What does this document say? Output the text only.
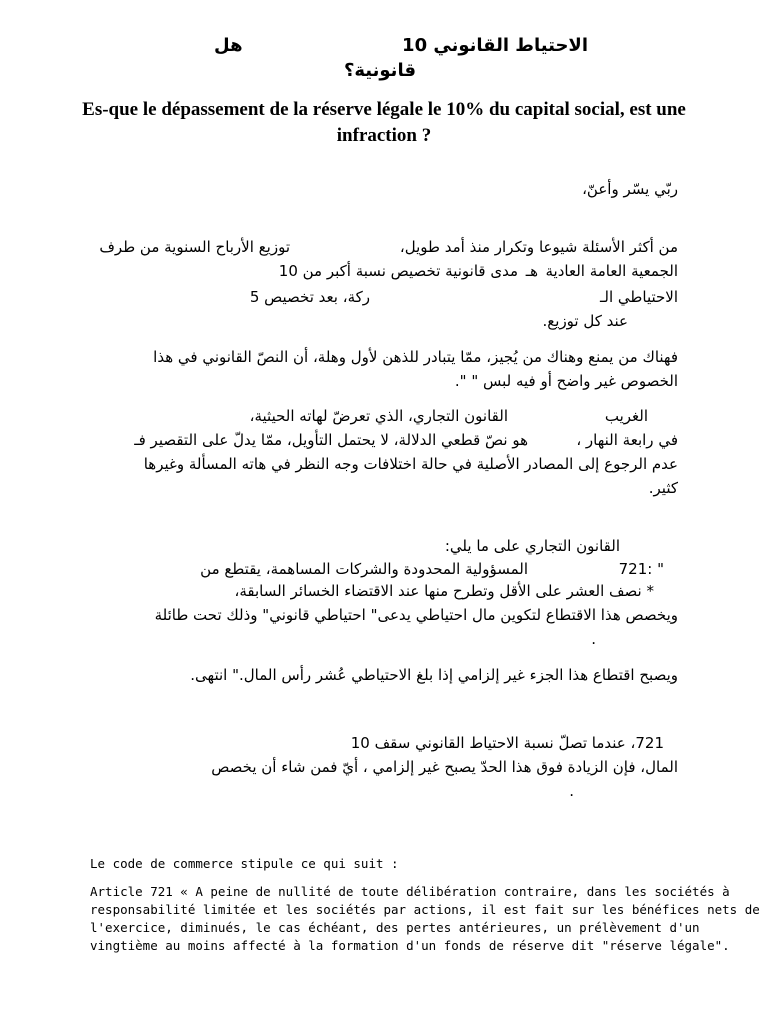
الاحتياط القانوني 10
هل
قانونية؟
Es-que le dépassement de la réserve légale le 10% du capital social, est une infraction ?
ربّي يسّر وأعنّ،
من أكثر الأسئلة شيوعا وتكرار منذ أمد طويل،
توزيع الأرباح السنوية من طرف
الجمعية العامة العادية
هـ
مدى قانونية تخصيص نسبة أكبر من 10
الاحتياطي الـ
ركة، بعد تخصيص 5
عند كل توزيع.
فهناك من يمنع وهناك من يُجيز، ممّا يتبادر للذهن لأول وهلة، أن النصّ القانوني في هذا
الخصوص غير واضح أو فيه لبس " ".
الغريب
القانون التجاري، الذي تعرضّ لهاته الحيثية،
في رابعة النهار ،
هو نصّ قطعي الدلالة، لا يحتمل التأويل، ممّا يدلّ على التقصير فـ
عدم الرجوع إلى المصادر الأصلية في حالة اختلافات وجه النظر في هاته المسألة وغيرها
كثير.
القانون التجاري على ما يلي:
721: "
المسؤولية المحدودة والشركات المساهمة، يقتطع من
* نصف العشر على الأقل وتطرح منها عند الاقتضاء الخسائر السابقة،
ويخصص هذا الاقتطاع لتكوين مال احتياطي يدعى" احتياطي قانوني" وذلك تحت طائلة
.
ويصبح اقتطاع هذا الجزء غير إلزامي إذا بلغ الاحتياطي عُشر رأس المال." انتهى.
721، عندما تصلّ نسبة الاحتياط القانوني سقف 10
المال، فإن الزيادة فوق هذا الحدّ يصبح غير إلزامي ، أيّ فمن شاء أن يخصص
.
Le code de commerce stipule ce qui suit :
Article 721 « A peine de nullité de toute délibération contraire, dans les sociétés à
responsabilité limitée et les sociétés par actions, il est fait sur les bénéfices nets de
l'exercice, diminués, le cas échéant, des pertes antérieures, un prélèvement d'un
vingtième au moins affecté à la formation d'un fonds de réserve dit "réserve légale".
